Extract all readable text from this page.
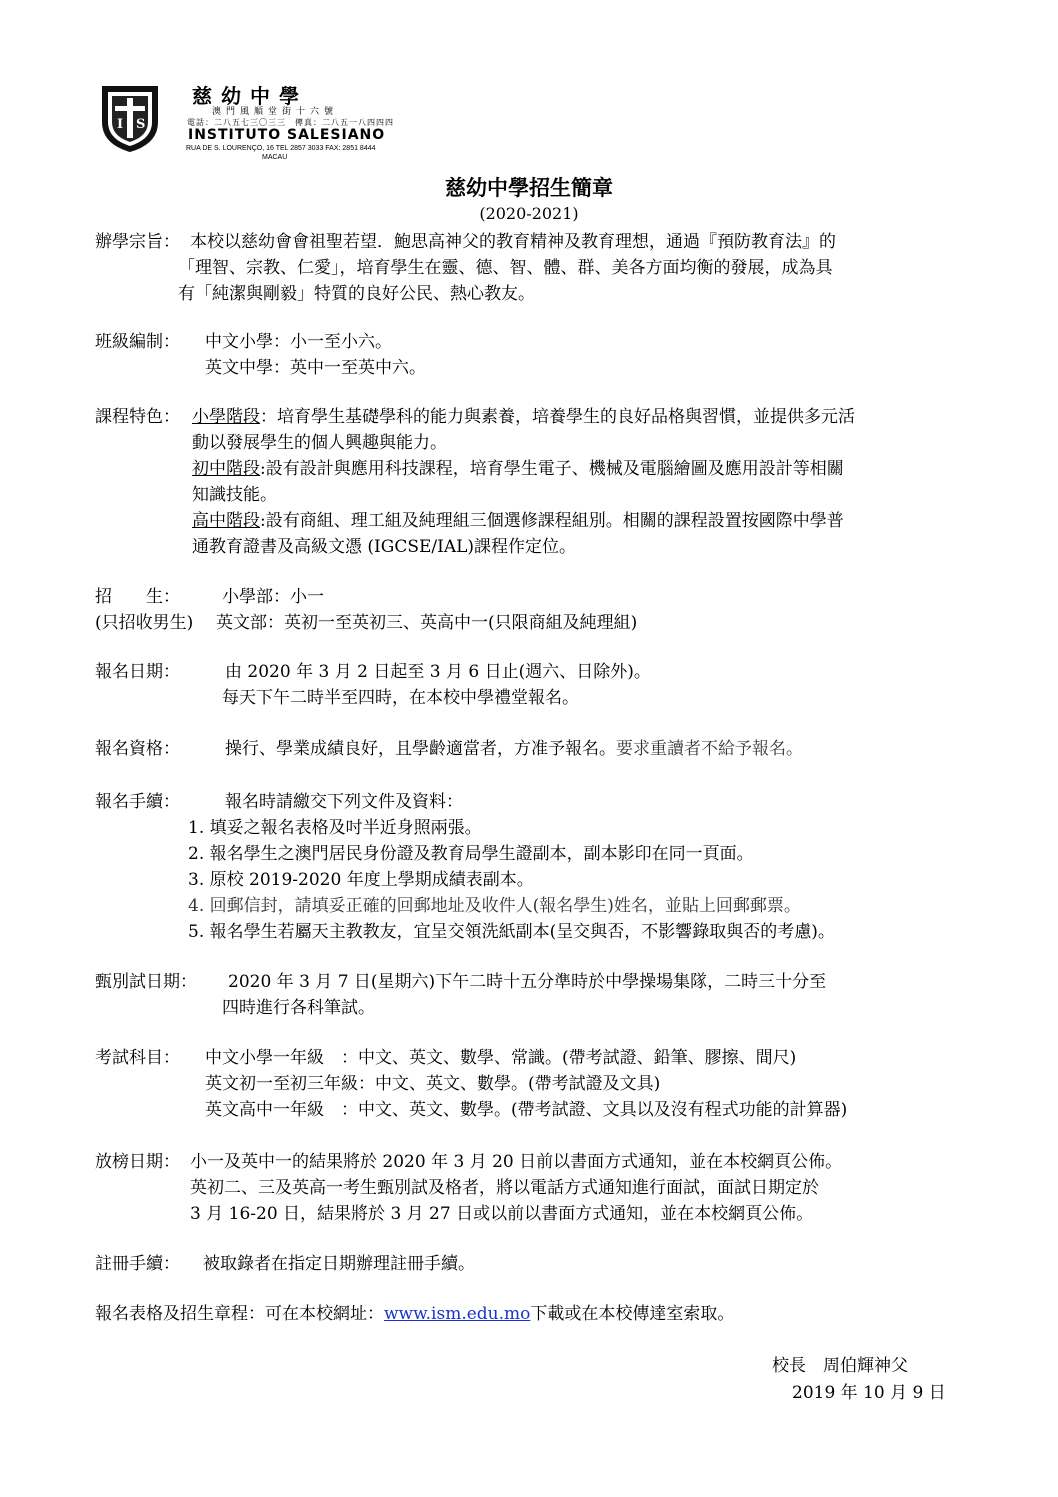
I S
慈幼中學
澳門風順堂街十六號
電話：二八五七三〇三三　傳真：二八五一八四四四
INSTITUTO SALESIANO
RUA DE S. LOURENÇO, 16 TEL 2857 3033 FAX: 2851 8444
MACAU
慈幼中學招生簡章
(2020-2021)
辦學宗旨： 本校以慈幼會會祖聖若望．鮑思高神父的教育精神及教育理想，通過『預防教育法』的
「理智、宗教、仁愛」，培育學生在靈、德、智、體、群、美各方面均衡的發展，成為具
有「純潔與剛毅」特質的良好公民、熱心教友。
班級編制： 中文小學：小一至小六。
英文中學：英中一至英中六。
課程特色： 小學階段：培育學生基礎學科的能力與素養，培養學生的良好品格與習慣，並提供多元活
動以發展學生的個人興趣與能力。
初中階段:設有設計與應用科技課程，培育學生電子、機械及電腦繪圖及應用設計等相關
知識技能。
高中階段:設有商組、理工組及純理組三個選修課程組別。相關的課程設置按國際中學普
通教育證書及高級文憑 (IGCSE/IAL)課程作定位。
招　　生： 小學部：小一
(只招收男生) 英文部：英初一至英初三、英高中一(只限商組及純理組)
報名日期：	由 2020 年 3 月 2 日起至 3 月 6 日止(週六、日除外)。
每天下午二時半至四時，在本校中學禮堂報名。
報名資格：	操行、學業成績良好，且學齡適當者，方准予報名。要求重讀者不給予報名。
報名手續：	報名時請繳交下列文件及資料：
1. 填妥之報名表格及吋半近身照兩張。
2. 報名學生之澳門居民身份證及教育局學生證副本，副本影印在同一頁面。
3. 原校 2019-2020 年度上學期成績表副本。
4. 回郵信封，請填妥正確的回郵地址及收件人(報名學生)姓名，並貼上回郵郵票。
5. 報名學生若屬天主教教友，宜呈交領洗紙副本(呈交與否，不影響錄取與否的考慮)。
甄別試日期： 2020 年 3 月 7 日(星期六)下午二時十五分準時於中學操場集隊，二時三十分至
四時進行各科筆試。
考試科目： 中文小學一年級　：中文、英文、數學、常識。(帶考試證、鉛筆、膠擦、間尺)
英文初一至初三年級：中文、英文、數學。(帶考試證及文具)
英文高中一年級　：中文、英文、數學。(帶考試證、文具以及沒有程式功能的計算器)
放榜日期： 小一及英中一的結果將於 2020 年 3 月 20 日前以書面方式通知，並在本校網頁公佈。
英初二、三及英高一考生甄別試及格者，將以電話方式通知進行面試，面試日期定於
3 月 16-20 日，結果將於 3 月 27 日或以前以書面方式通知，並在本校網頁公佈。
註冊手續： 被取錄者在指定日期辦理註冊手續。
報名表格及招生章程：可在本校網址：www.ism.edu.mo下載或在本校傳達室索取。
校長　周伯輝神父
2019 年 10 月 9 日
